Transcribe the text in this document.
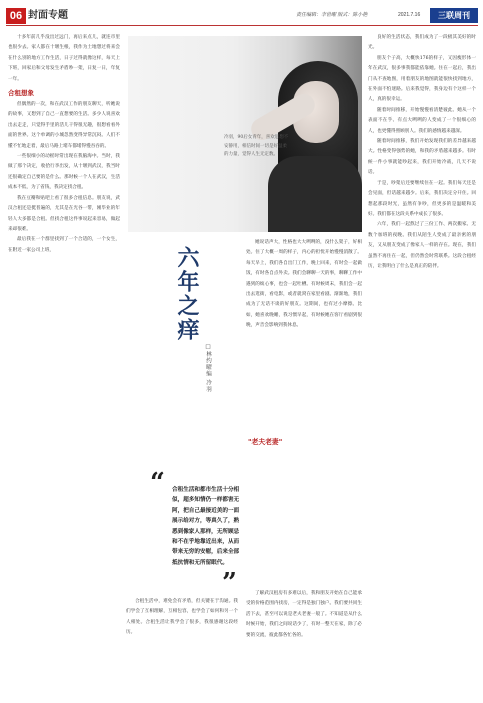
06 封面专题	责任编辑：李世曜 版式：陈小艳	2021.7.16	三联周刊

十多年前几乎没出过远门，再后来点儿，就连市里也很少去。家人都在十堰生根，我作为土地想过将来会在什么别的地方工作生活，日子过得就像这样，每天上下班，回家后和父母发生矛盾吵一架，日复一日，年复一年。

合租想象

但偶然的一次，和在武汉工作的朋友聊天，听她说的故事，又想到了自己一直想要的生活。多少人说喜欢出去走走，只觉得手里的活儿干得很无趣，很想看看外面的世界。这个单调的小城忽然变得异常沉闷。人们不懂不忙地走着，最后马路上堵车都堵得慢吞吞的。

一些很细小的动摇时常出现在我脑海中。当时，我做了那个决定，收拾行李出发，从十堰到武汉，我当时还很确定自己要的是什么。那时候一个人在武汉，生活成本不低，为了省钱，我决定找合租。

我在豆瓣和贴吧上看了很多合租信息。朋友说，武汉合租还是挺普遍的，尤其是在光谷一带，刚毕业的年轻人大多都是合租。但找合租这件事说起来容易，做起来却很难。

最后我在一个群里找到了一个合适的，一个女生，在附近一家公司上班，

冷羽，90后女青年，喜欢思想不安静用，相信时间一切是好温柔的力量，觉得人生无定数。
六年之痒
□林约曜编 冷羽

她说话声大，性格也大大咧咧的，没什么架子，好相处。住了大概一周的样子，内心的担忧开始慢慢消散了。每天早上，我们各自出门工作，晚上回来，有时会一起做饭，有时各自点外卖。我们会聊聊一天的事，聊聊工作中遇到的烦心事，也会一起吐槽。有时候周末，我们会一起出去逛街，看电影，或者就窝在家里看剧。渐渐地，我们成为了无话不谈的好朋友。这期间，也有过小摩擦。比如，她喜欢晚睡，我习惯早起，有时候她在客厅看剧到很晚，声音会影响到我休息。

"老夫老妻"
“ 合租生活和都市生活十分相似，超多知情仍一样都害无阿，把自己最接近美的一面展示给对方，等真久了，熟悉到像家人那样，无所顾忌和不在乎地靠近出来，从而带来无穷的安慰，后来全部抵抗情和无所留眠代。
”

合租生活中，难免会有矛盾，但关键在于沟通。我们学会了互相理解，互相包容，也学会了如何和另一个人相处。合租生活让我学会了很多，我很感谢这段经历。

了解武汉租房有多难以后，我和朋友开始在自己能承受的价格范围内找房，一定得是独门独户。我们要共同生活下去，甚至可以说是老夫老妻一般了。不知道是从什么时候开始，我们之间说话少了，有时一整天在家，除了必要的交流，彼此都各忙各的。

良好的生活状态，我们成为了一段极其美好的时光。

朋友个子高，大概快176的样子，又因瘦形体一年在武汉，很多事我都能依靠她。住在一起后，我出门从不查地图，用着朋友的地图就能很快找到地方，在外面不怕迷路。后来我觉得，我身边有个这样一个人，真的很幸运。

随着时间推移，开始慢慢看清楚彼此。她从一个表面不在乎、有点大咧咧的人变成了一个很细心的人，也更懂得照顾别人。我们的感情越来越深。

随着时间推移，我们开始发现我们的差异越来越大。性格变得强势的她，和我的矛盾越来越多。有时候一件小事就能吵起来，我们开始冷战，几天不说话。

于是，吵架后还要继续住在一起。我们每天还是会见面，但话越来越少。后来，我们决定分开住。回想起那段时光，虽然有争吵，但更多的是温暖和美好。我们都在这段关系中成长了很多。

六年，我们一起熬过了三份工作、两次搬家、无数个加班的夜晚。我们从陌生人变成了最亲密的朋友，又从朋友变成了像家人一样的存在。现在，我们虽然不再住在一起，但仍然会时常联系。这段合租经历，让我明白了什么是真正的陪伴。
